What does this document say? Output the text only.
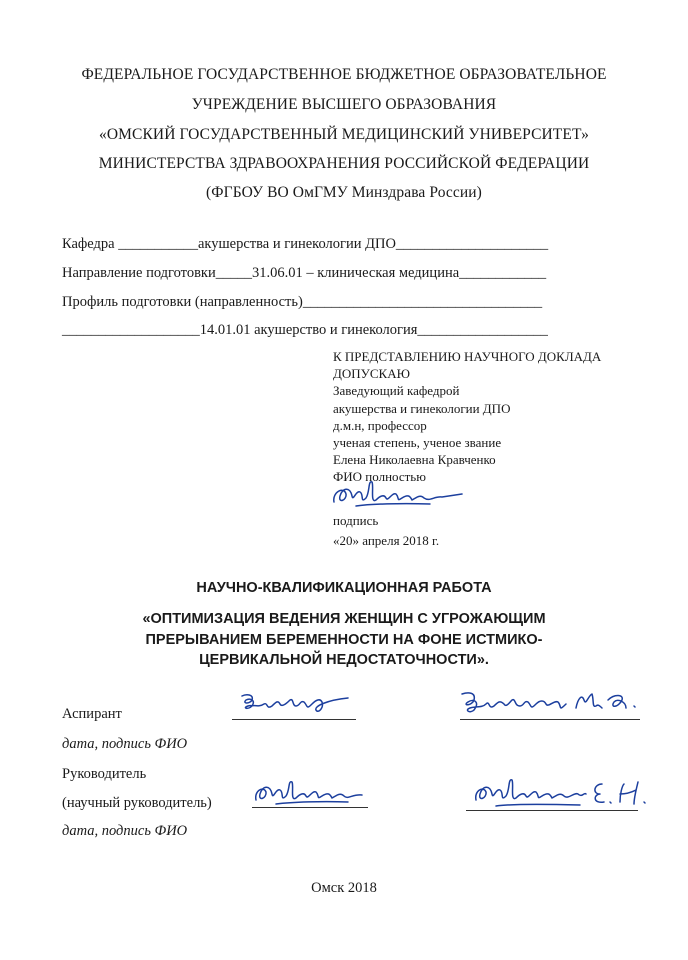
ФЕДЕРАЛЬНОЕ ГОСУДАРСТВЕННОЕ БЮДЖЕТНОЕ ОБРАЗОВАТЕЛЬНОЕ
УЧРЕЖДЕНИЕ ВЫСШЕГО ОБРАЗОВАНИЯ
«ОМСКИЙ ГОСУДАРСТВЕННЫЙ МЕДИЦИНСКИЙ УНИВЕРСИТЕТ»
МИНИСТЕРСТВА ЗДРАВООХРАНЕНИЯ РОССИЙСКОЙ ФЕДЕРАЦИИ
(ФГБОУ ВО ОмГМУ Минздрава России)
Кафедра ___________акушерства и гинекологии ДПО_____________________
Направление подготовки_____31.06.01 – клиническая медицина____________
Профиль подготовки (направленность)_________________________________
___________________14.01.01 акушерство и гинекология__________________
К ПРЕДСТАВЛЕНИЮ НАУЧНОГО ДОКЛАДА
ДОПУСКАЮ
Заведующий кафедрой
акушерства и гинекологии ДПО
д.м.н, профессор
ученая степень, ученое звание
Елена Николаевна Кравченко
ФИО полностью
подпись
«20» апреля 2018 г.
НАУЧНО-КВАЛИФИКАЦИОННАЯ РАБОТА
«ОПТИМИЗАЦИЯ ВЕДЕНИЯ ЖЕНЩИН С УГРОЖАЮЩИМ
ПРЕРЫВАНИЕМ БЕРЕМЕННОСТИ НА ФОНЕ ИСТМИКО-
ЦЕРВИКАЛЬНОЙ НЕДОСТАТОЧНОСТИ».
Аспирант
дата, подпись ФИО
Руководитель
(научный руководитель)
дата, подпись ФИО
Омск 2018
